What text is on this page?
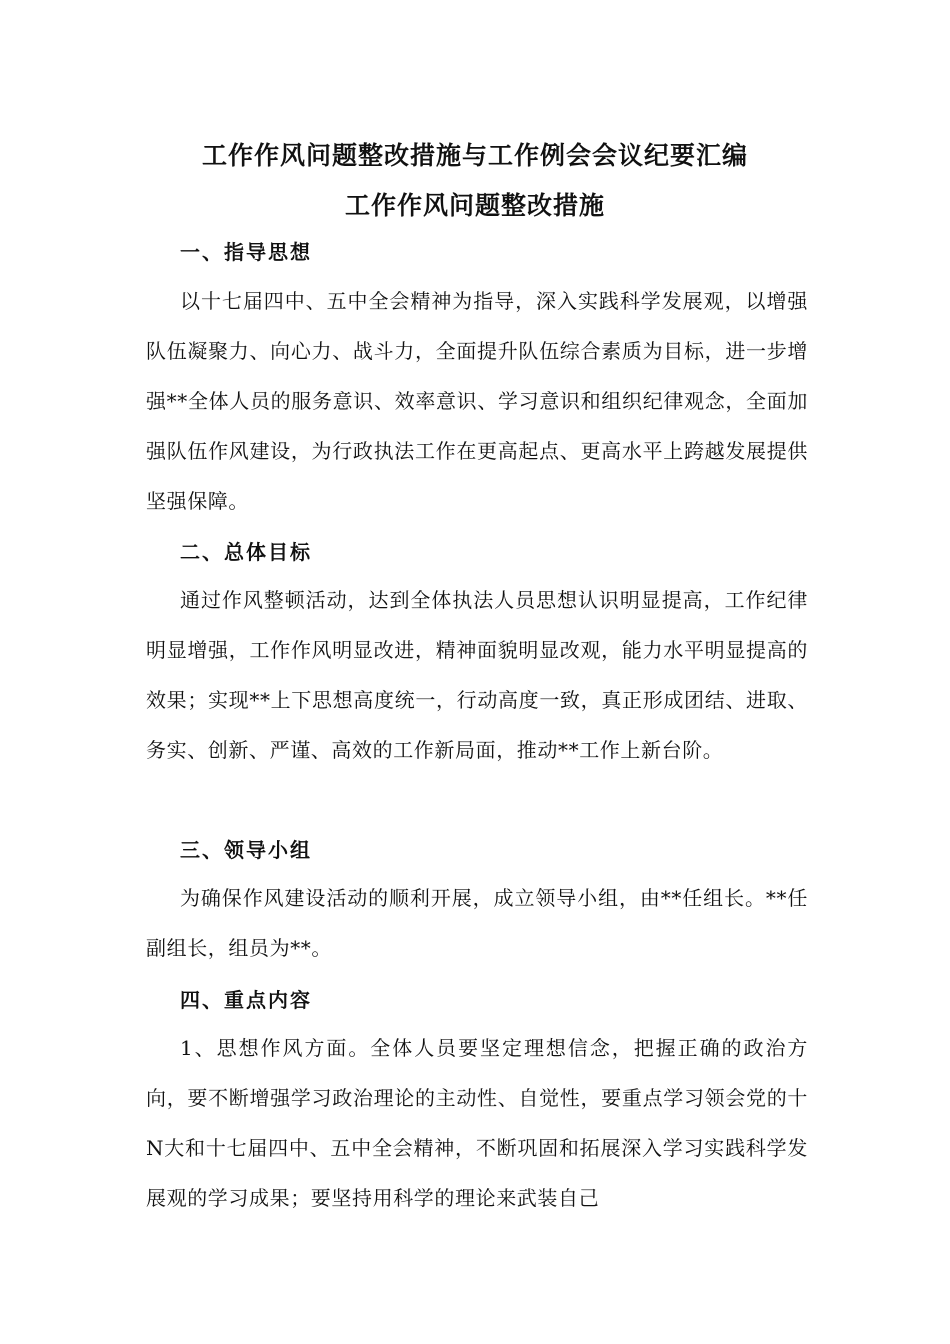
工作作风问题整改措施与工作例会会议纪要汇编
工作作风问题整改措施
一、指导思想

以十七届四中、五中全会精神为指导，深入实践科学发展观，以增强队伍凝聚力、向心力、战斗力，全面提升队伍综合素质为目标，进一步增强**全体人员的服务意识、效率意识、学习意识和组织纪律观念，全面加强队伍作风建设，为行政执法工作在更高起点、更高水平上跨越发展提供坚强保障。

二、总体目标

通过作风整顿活动，达到全体执法人员思想认识明显提高，工作纪律明显增强，工作作风明显改进，精神面貌明显改观，能力水平明显提高的效果；实现**上下思想高度统一，行动高度一致，真正形成团结、进取、务实、创新、严谨、高效的工作新局面，推动**工作上新台阶。

三、领导小组

为确保作风建设活动的顺利开展，成立领导小组，由**任组长。**任副组长，组员为**。

四、重点内容

1、思想作风方面。全体人员要坚定理想信念，把握正确的政治方向，要不断增强学习政治理论的主动性、自觉性，要重点学习领会党的十N大和十七届四中、五中全会精神，不断巩固和拓展深入学习实践科学发展观的学习成果；要坚持用科学的理论来武装自己
